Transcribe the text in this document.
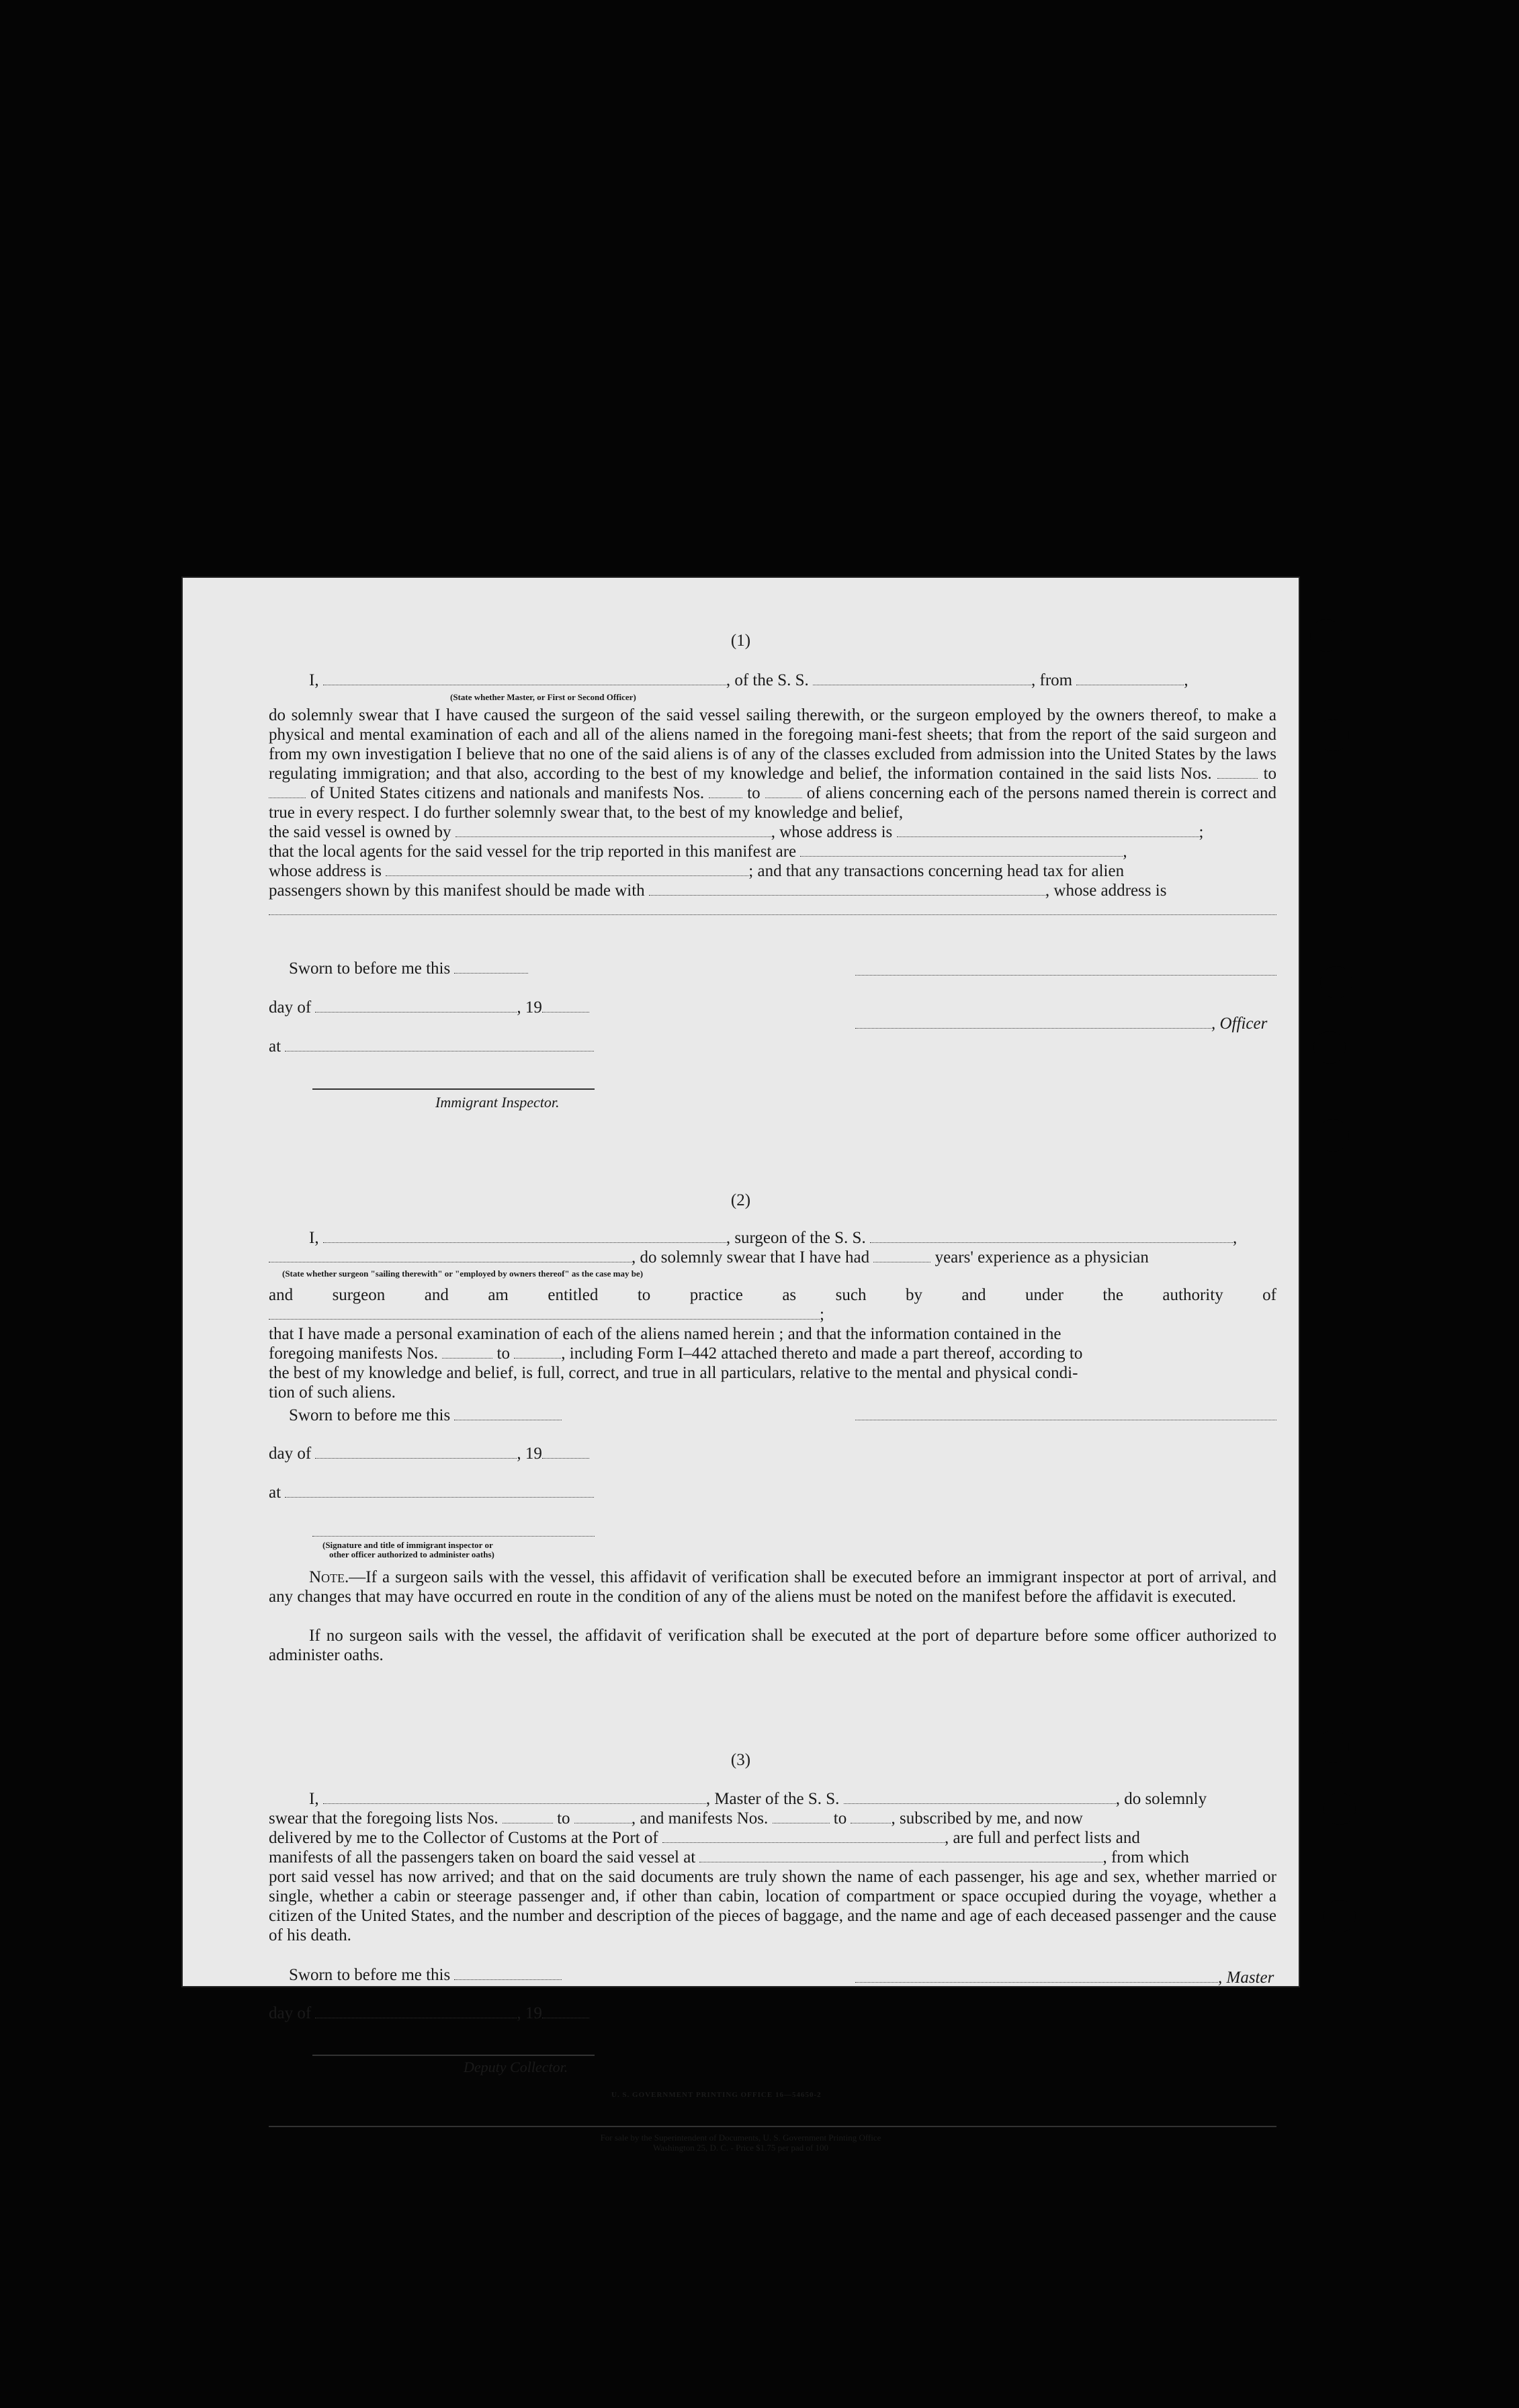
(1)
I,	, of the S. S.	, from	,
(State whether Master, or First or Second Officer)
do solemnly swear that I have caused the surgeon of the said vessel sailing therewith, or the surgeon employed by the owners thereof, to make a physical and mental examination of each and all of the aliens named in the foregoing mani-fest sheets; that from the report of the said surgeon and from my own investigation I believe that no one of the said aliens is of any of the classes excluded from admission into the United States by the laws regulating immigration; and that also, according to the best of my knowledge and belief, the information contained in the said lists Nos.	to  of United States citizens and nationals and manifests Nos.	to	of aliens concerning each of the persons named therein is correct and true in every respect. I do further solemnly swear that, to the best of my knowledge and belief,
the said vessel is owned by	, whose address is	;
that the local agents for the said vessel for the trip reported in this manifest are	,
whose address is	; and that any transactions concerning head tax for alien
passengers shown by this manifest should be made with	, whose address is

Sworn to before me this
day of	, 19
at
Immigrant Inspector.
, Officer
(2)
I,	, surgeon of the S. S.	,
, do solemnly swear that I have had	years' experience as a physician
(State whether surgeon "sailing therewith" or "employed by owners thereof" as the case may be)
and surgeon and am entitled to practice as such by and under the authority of ;
that I have made a personal examination of each of the aliens named herein ; and that the information contained in the
foregoing manifests Nos.	to	, including Form I–442 attached thereto and made a part thereof, according to
the best of my knowledge and belief, is full, correct, and true in all particulars, relative to the mental and physical condi-
tion of such aliens.
Sworn to before me this
day of	, 19
at
(Signature and title of immigrant inspector or
other officer authorized to administer oaths)
Note.—If a surgeon sails with the vessel, this affidavit of verification shall be executed before an immigrant inspector at port of arrival, and any changes that may have occurred en route in the condition of any of the aliens must be noted on the manifest before the affidavit is executed.
If no surgeon sails with the vessel, the affidavit of verification shall be executed at the port of departure before some officer authorized to administer oaths.
(3)
I,	, Master of the S. S.	, do solemnly
swear that the foregoing lists Nos.	to	, and manifests Nos.	to	, subscribed by me, and now
delivered by me to the Collector of Customs at the Port of	, are full and perfect lists and
manifests of all the passengers taken on board the said vessel at	, from which
port said vessel has now arrived; and that on the said documents are truly shown the name of each passenger, his age and sex, whether married or single, whether a cabin or steerage passenger and, if other than cabin, location of compartment or space occupied during the voyage, whether a citizen of the United States, and the number and description of the pieces of baggage, and the name and age of each deceased passenger and the cause of his death.
Sworn to before me this	, Master
day of	, 19
Deputy Collector.
U. S. GOVERNMENT PRINTING OFFICE 16—54650-2
For sale by the Superintendent of Documents, U. S. Government Printing Office
Washington 25, D. C. - Price $1.75 per pad of 100
